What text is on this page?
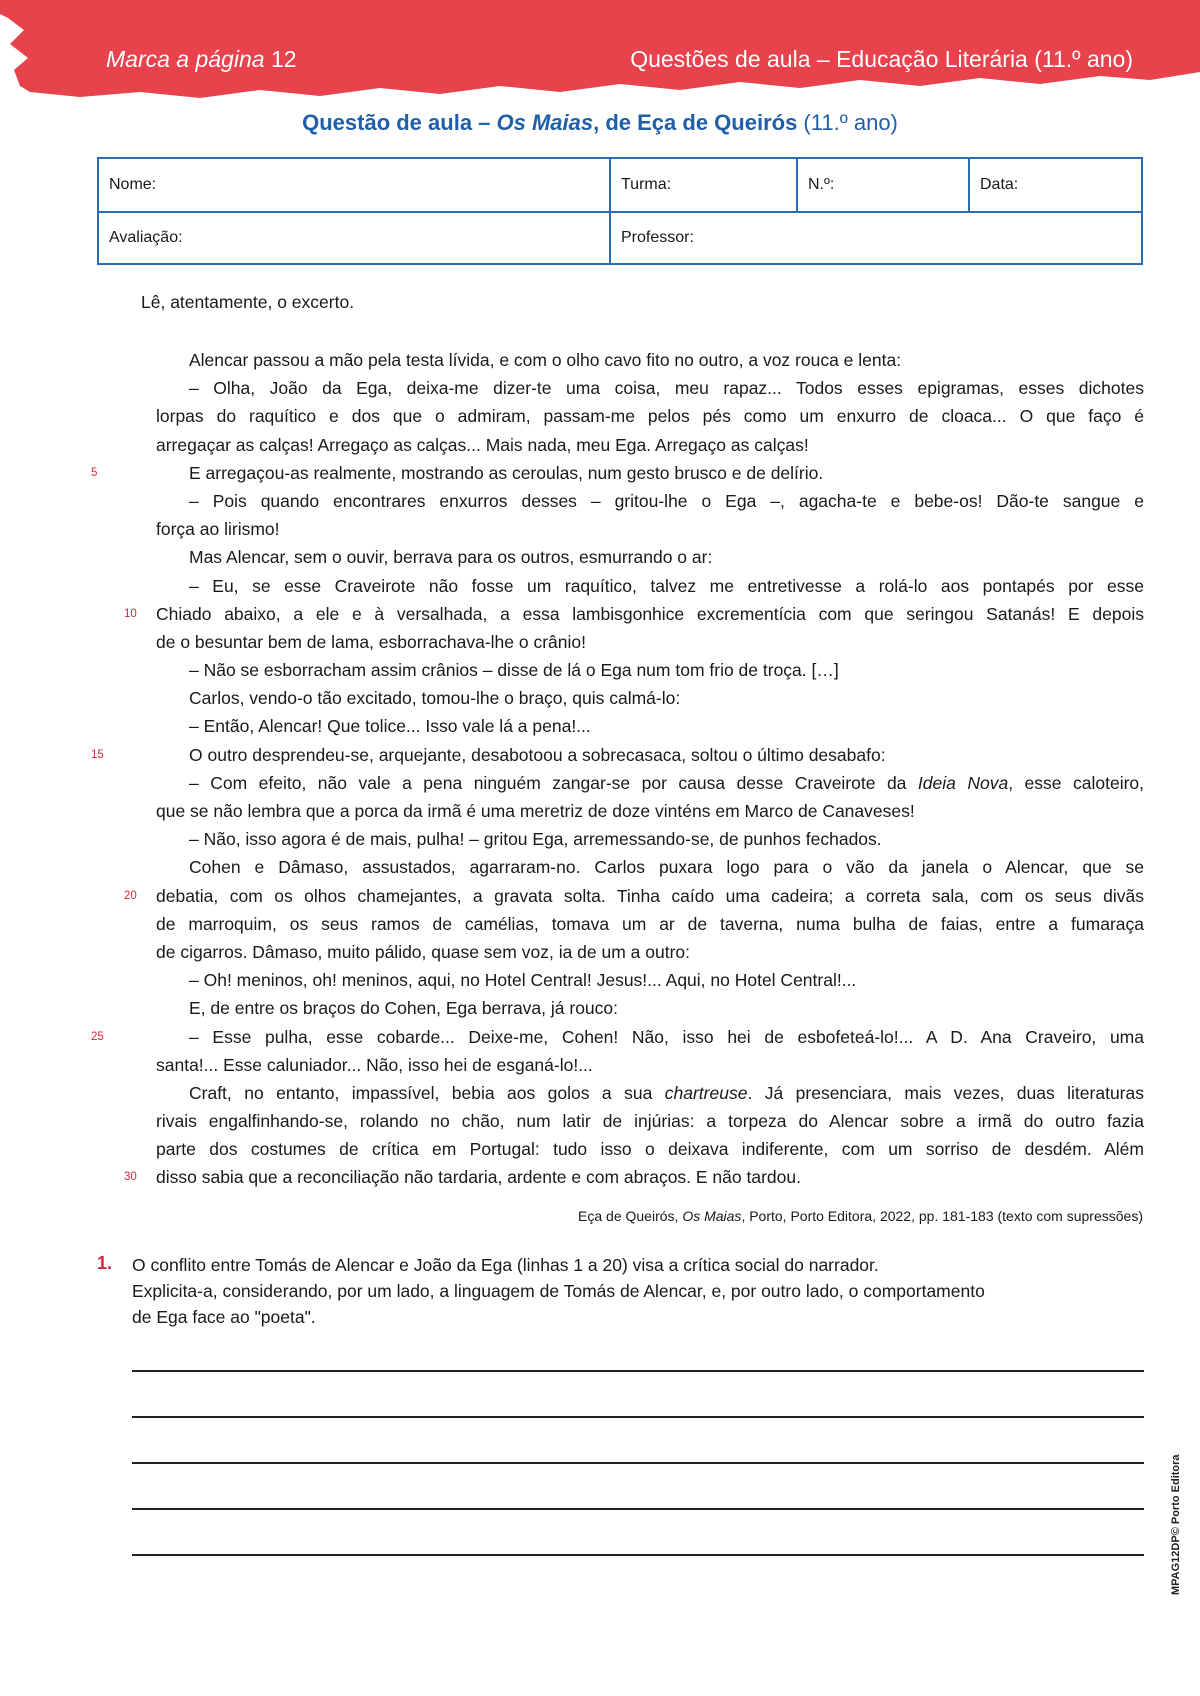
Marca a página 12	Questões de aula – Educação Literária (11.º ano)
Questão de aula – Os Maias, de Eça de Queirós (11.º ano)
Nome:	Turma:	N.º:	Data:
Avaliação:	Professor:		
Lê, atentamente, o excerto.
Alencar passou a mão pela testa lívida, e com o olho cavo fito no outro, a voz rouca e lenta:
– Olha, João da Ega, deixa-me dizer-te uma coisa, meu rapaz... Todos esses epigramas, esses dichotes
lorpas do raquítico e dos que o admiram, passam-me pelos pés como um enxurro de cloaca... O que faço é
arregaçar as calças! Arregaço as calças... Mais nada, meu Ega. Arregaço as calças!
5	E arregaçou-as realmente, mostrando as ceroulas, num gesto brusco e de delírio.
– Pois quando encontrares enxurros desses – gritou-lhe o Ega –, agacha-te e bebe-os! Dão-te sangue e
força ao lirismo!
Mas Alencar, sem o ouvir, berrava para os outros, esmurrando o ar:
– Eu, se esse Craveirote não fosse um raquítico, talvez me entretivesse a rolá-lo aos pontapés por esse
10 Chiado abaixo, a ele e à versalhada, a essa lambisgonhice excrementícia com que seringou Satanás! E depois
de o besuntar bem de lama, esborrachava-lhe o crânio!
– Não se esborracham assim crânios – disse de lá o Ega num tom frio de troça. […]
Carlos, vendo-o tão excitado, tomou-lhe o braço, quis calmá-lo:
– Então, Alencar! Que tolice... Isso vale lá a pena!...
15	O outro desprendeu-se, arquejante, desabotoou a sobrecasaca, soltou o último desabafo:
– Com efeito, não vale a pena ninguém zangar-se por causa desse Craveirote da Ideia Nova, esse caloteiro,
que se não lembra que a porca da irmã é uma meretriz de doze vinténs em Marco de Canaveses!
– Não, isso agora é de mais, pulha! – gritou Ega, arremessando-se, de punhos fechados.
Cohen e Dâmaso, assustados, agarraram-no. Carlos puxara logo para o vão da janela o Alencar, que se
20 debatia, com os olhos chamejantes, a gravata solta. Tinha caído uma cadeira; a correta sala, com os seus divãs
de marroquim, os seus ramos de camélias, tomava um ar de taverna, numa bulha de faias, entre a fumaraça
de cigarros. Dâmaso, muito pálido, quase sem voz, ia de um a outro:
– Oh! meninos, oh! meninos, aqui, no Hotel Central! Jesus!... Aqui, no Hotel Central!...
E, de entre os braços do Cohen, Ega berrava, já rouco:
25	– Esse pulha, esse cobarde... Deixe-me, Cohen! Não, isso hei de esbofeteá-lo!... A D. Ana Craveiro, uma
santa!... Esse caluniador... Não, isso hei de esganá-lo!...
Craft, no entanto, impassível, bebia aos golos a sua chartreuse. Já presenciara, mais vezes, duas literaturas
rivais engalfinhando-se, rolando no chão, num latir de injúrias: a torpeza do Alencar sobre a irmã do outro fazia
parte dos costumes de crítica em Portugal: tudo isso o deixava indiferente, com um sorriso de desdém. Além
30 disso sabia que a reconciliação não tardaria, ardente e com abraços. E não tardou.
Eça de Queirós, Os Maias, Porto, Porto Editora, 2022, pp. 181-183 (texto com supressões)
1. O conflito entre Tomás de Alencar e João da Ega (linhas 1 a 20) visa a crítica social do narrador.
Explicita-a, considerando, por um lado, a linguagem de Tomás de Alencar, e, por outro lado, o comportamento
de Ega face ao "poeta".
MPAG12DP© Porto Editora
